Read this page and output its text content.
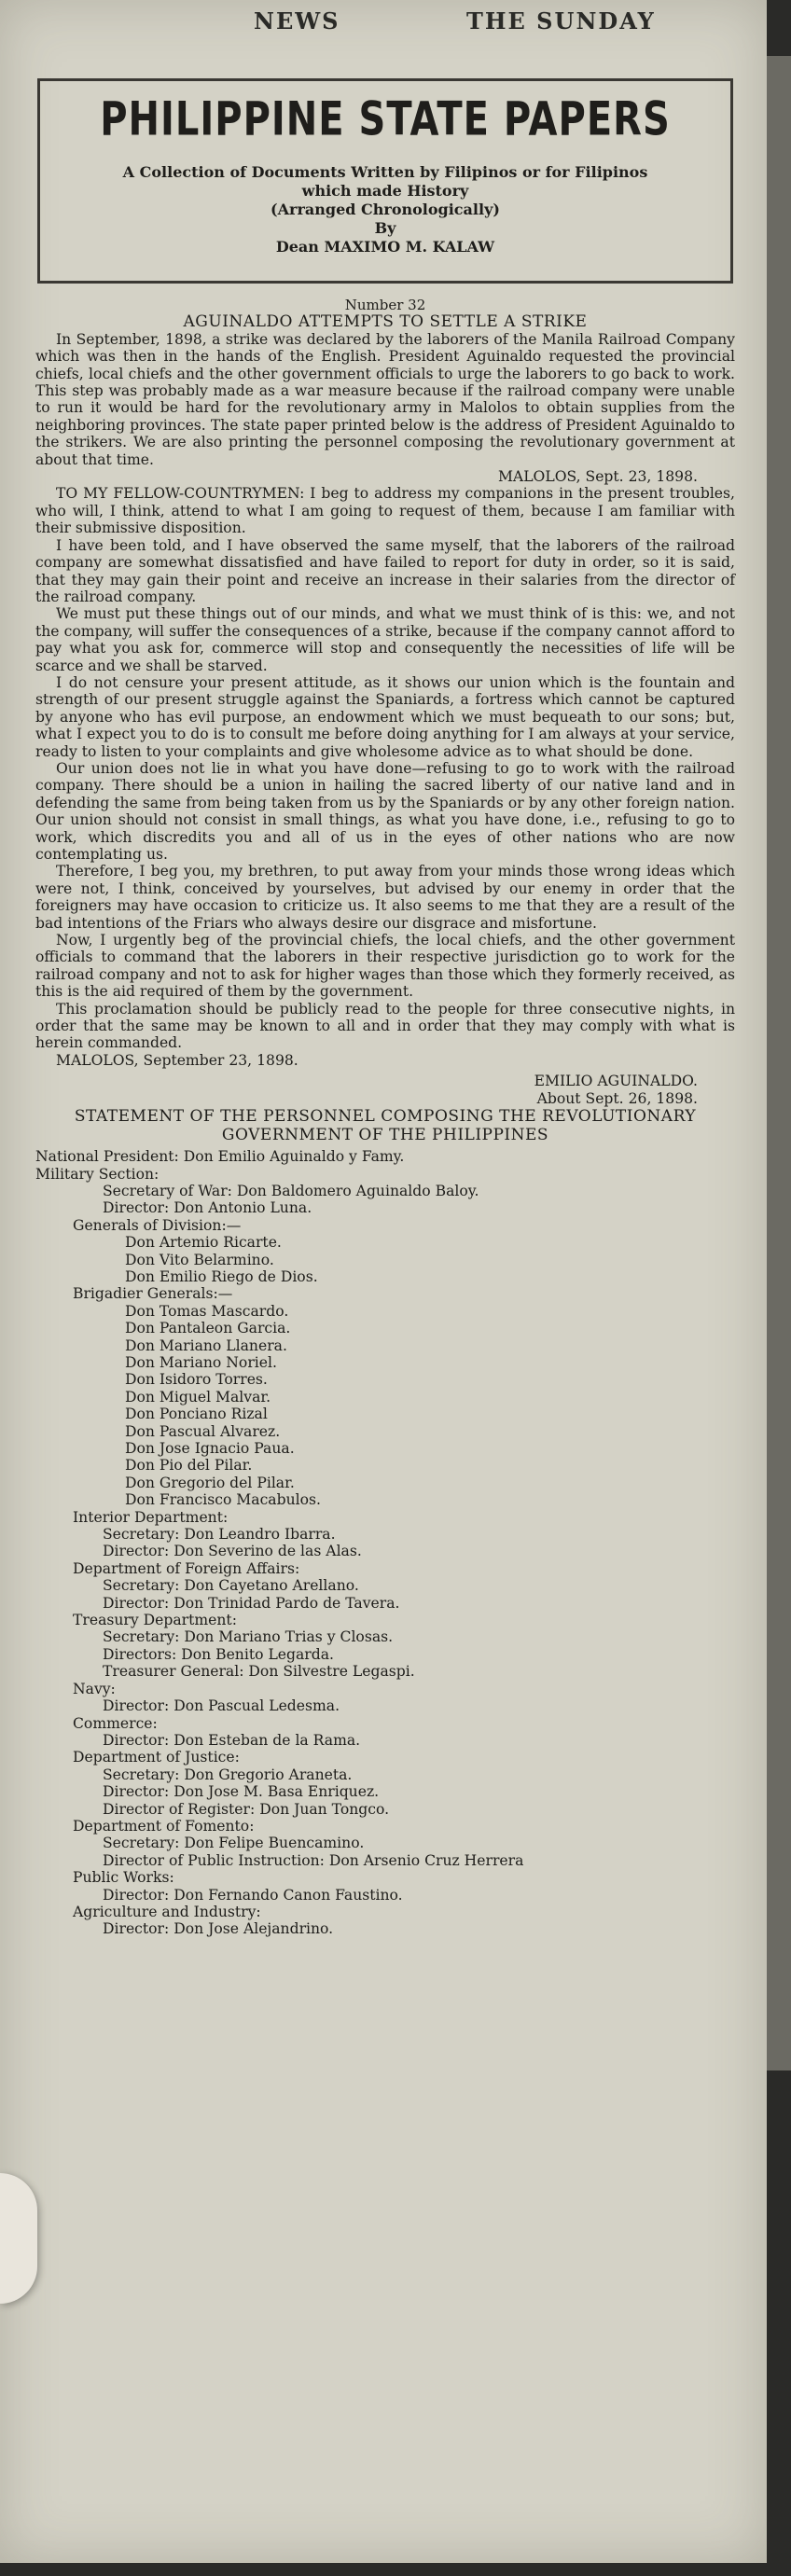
NEWS	THE SUNDAY
PHILIPPINE STATE PAPERS
A Collection of Documents Written by Filipinos or for Filipinos
which made History
(Arranged Chronologically)
By
Dean MAXIMO M. KALAW

Number 32

AGUINALDO ATTEMPTS TO SETTLE A STRIKE

In September, 1898, a strike was declared by the laborers of the Manila Railroad Company which was then in the hands of the English. President Aguinaldo requested the provincial chiefs, local chiefs and the other government officials to urge the laborers to go back to work. This step was probably made as a war measure because if the railroad company were unable to run it would be hard for the revolutionary army in Malolos to obtain supplies from the neighboring provinces. The state paper printed below is the address of President Aguinaldo to the strikers. We are also printing the personnel composing the revolutionary government at about that time.

MALOLOS, Sept. 23, 1898.

TO MY FELLOW-COUNTRYMEN: I beg to address my companions in the present troubles, who will, I think, attend to what I am going to request of them, because I am familiar with their submissive disposition.

I have been told, and I have observed the same myself, that the laborers of the railroad company are somewhat dissatisfied and have failed to report for duty in order, so it is said, that they may gain their point and receive an increase in their salaries from the director of the railroad company.

We must put these things out of our minds, and what we must think of is this: we, and not the company, will suffer the consequences of a strike, because if the company cannot afford to pay what you ask for, commerce will stop and consequently the necessities of life will be scarce and we shall be starved.

I do not censure your present attitude, as it shows our union which is the fountain and strength of our present struggle against the Spaniards, a fortress which cannot be captured by anyone who has evil purpose, an endowment which we must bequeath to our sons; but, what I expect you to do is to consult me before doing anything for I am always at your service, ready to listen to your complaints and give wholesome advice as to what should be done.

Our union does not lie in what you have done—refusing to go to work with the railroad company. There should be a union in hailing the sacred liberty of our native land and in defending the same from being taken from us by the Spaniards or by any other foreign nation. Our union should not consist in small things, as what you have done, i.e., refusing to go to work, which discredits you and all of us in the eyes of other nations who are now contemplating us.

Therefore, I beg you, my brethren, to put away from your minds those wrong ideas which were not, I think, conceived by yourselves, but advised by our enemy in order that the foreigners may have occasion to criticize us. It also seems to me that they are a result of the bad intentions of the Friars who always desire our disgrace and misfortune.

Now, I urgently beg of the provincial chiefs, the local chiefs, and the other government officials to command that the laborers in their respective jurisdiction go to work for the railroad company and not to ask for higher wages than those which they formerly received, as this is the aid required of them by the government.

This proclamation should be publicly read to the people for three consecutive nights, in order that the same may be known to all and in order that they may comply with what is herein commanded.

MALOLOS, September 23, 1898.

EMILIO AGUINALDO.

About Sept. 26, 1898.

STATEMENT OF THE PERSONNEL COMPOSING THE REVOLUTIONARY GOVERNMENT OF THE PHILIPPINES

National President: Don Emilio Aguinaldo y Famy.
Military Section:
Secretary of War: Don Baldomero Aguinaldo Baloy.
Director: Don Antonio Luna.
Generals of Division:—
Don Artemio Ricarte.
Don Vito Belarmino.
Don Emilio Riego de Dios.
Brigadier Generals:—
Don Tomas Mascardo.
Don Pantaleon Garcia.
Don Mariano Llanera.
Don Mariano Noriel.
Don Isidoro Torres.
Don Miguel Malvar.
Don Ponciano Rizal
Don Pascual Alvarez.
Don Jose Ignacio Paua.
Don Pio del Pilar.
Don Gregorio del Pilar.
Don Francisco Macabulos.
Interior Department:
Secretary: Don Leandro Ibarra.
Director: Don Severino de las Alas.
Department of Foreign Affairs:
Secretary: Don Cayetano Arellano.
Director: Don Trinidad Pardo de Tavera.
Treasury Department:
Secretary: Don Mariano Trias y Closas.
Directors: Don Benito Legarda.
Treasurer General: Don Silvestre Legaspi.
Navy:
Director: Don Pascual Ledesma.
Commerce:
Director: Don Esteban de la Rama.
Department of Justice:
Secretary: Don Gregorio Araneta.
Director: Don Jose M. Basa Enriquez.
Director of Register: Don Juan Tongco.
Department of Fomento:
Secretary: Don Felipe Buencamino.
Director of Public Instruction: Don Arsenio Cruz Herrera
Public Works:
Director: Don Fernando Canon Faustino.
Agriculture and Industry:
Director: Don Jose Alejandrino.
